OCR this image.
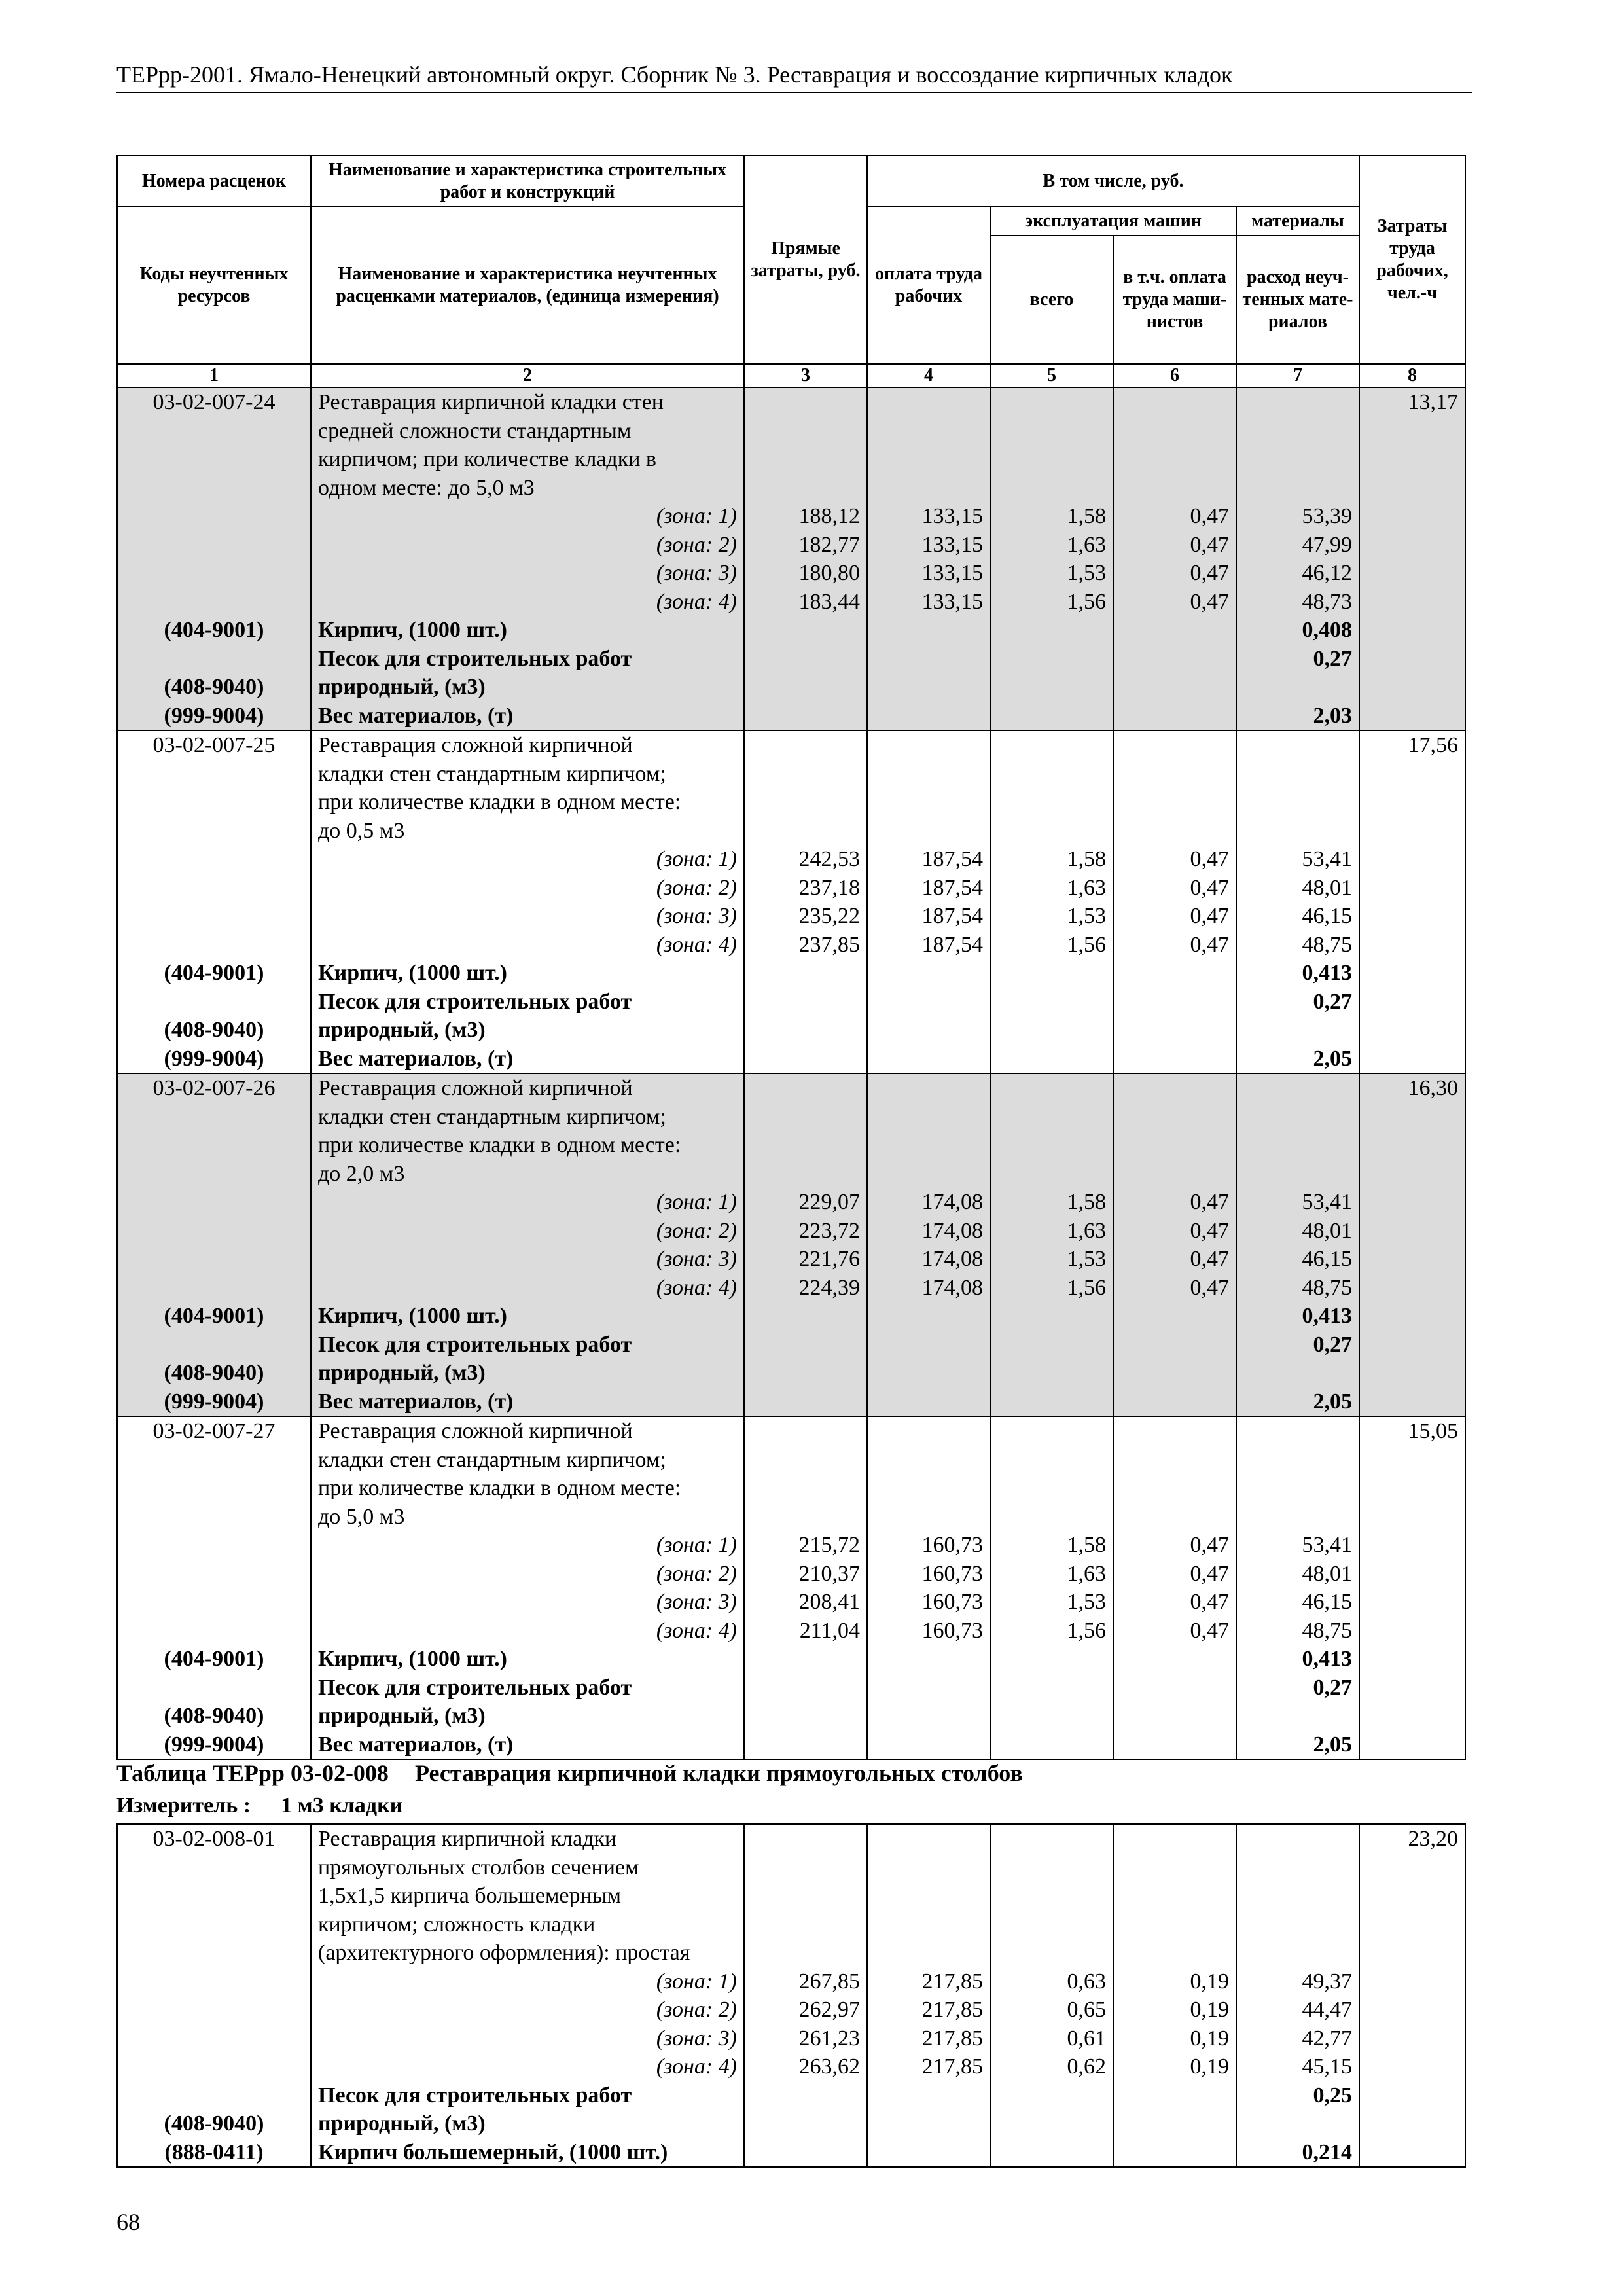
ТЕРрр-2001. Ямало-Ненецкий автономный округ. Сборник № 3. Реставрация и воссоздание кирпичных кладок
Номера расценок	Наименование и характеристика строительных работ и конструкций	Прямые затраты, руб.	В том числе, руб.				Затраты труда рабочих, чел.-ч
Коды неучтенных ресурсов	Наименование и характеристика неучтенных расценками материалов, (единица измерения)		оплата труда рабочих	эксплуатация машин		материалы	
				всего	в т.ч. оплата труда маши-нистов	расход неуч-тенных мате-риалов	
1	2	3	4	5	6	7	8
03-02-007-24	Реставрация кирпичной кладки стен						13,17
	средней сложности стандартным						
	кирпичом; при количестве кладки в						
	одном месте: до 5,0 м3						
	(зона: 1)	188,12	133,15	1,58	0,47	53,39	
	(зона: 2)	182,77	133,15	1,63	0,47	47,99	
	(зона: 3)	180,80	133,15	1,53	0,47	46,12	
	(зона: 4)	183,44	133,15	1,56	0,47	48,73	
(404-9001)	Кирпич, (1000 шт.)					0,408	
	Песок для строительных работ					0,27	
(408-9040)	природный, (м3)						
(999-9004)	Вес материалов, (т)					2,03	
03-02-007-25	Реставрация сложной кирпичной						17,56
	кладки стен стандартным кирпичом;						
	при количестве кладки в одном месте:						
	до 0,5 м3						
	(зона: 1)	242,53	187,54	1,58	0,47	53,41	
	(зона: 2)	237,18	187,54	1,63	0,47	48,01	
	(зона: 3)	235,22	187,54	1,53	0,47	46,15	
	(зона: 4)	237,85	187,54	1,56	0,47	48,75	
(404-9001)	Кирпич, (1000 шт.)					0,413	
	Песок для строительных работ					0,27	
(408-9040)	природный, (м3)						
(999-9004)	Вес материалов, (т)					2,05	
03-02-007-26	Реставрация сложной кирпичной						16,30
	кладки стен стандартным кирпичом;						
	при количестве кладки в одном месте:						
	до 2,0 м3						
	(зона: 1)	229,07	174,08	1,58	0,47	53,41	
	(зона: 2)	223,72	174,08	1,63	0,47	48,01	
	(зона: 3)	221,76	174,08	1,53	0,47	46,15	
	(зона: 4)	224,39	174,08	1,56	0,47	48,75	
(404-9001)	Кирпич, (1000 шт.)					0,413	
	Песок для строительных работ					0,27	
(408-9040)	природный, (м3)						
(999-9004)	Вес материалов, (т)					2,05	
03-02-007-27	Реставрация сложной кирпичной						15,05
	кладки стен стандартным кирпичом;						
	при количестве кладки в одном месте:						
	до 5,0 м3						
	(зона: 1)	215,72	160,73	1,58	0,47	53,41	
	(зона: 2)	210,37	160,73	1,63	0,47	48,01	
	(зона: 3)	208,41	160,73	1,53	0,47	46,15	
	(зона: 4)	211,04	160,73	1,56	0,47	48,75	
(404-9001)	Кирпич, (1000 шт.)					0,413	
	Песок для строительных работ					0,27	
(408-9040)	природный, (м3)						
(999-9004)	Вес материалов, (т)					2,05	
Таблица ТЕРрр 03-02-008 Реставрация кирпичной кладки прямоугольных столбов
Измеритель : 1 м3 кладки
03-02-008-01	Реставрация кирпичной кладки						23,20
	прямоугольных столбов сечением						
	1,5х1,5 кирпича большемерным						
	кирпичом; сложность кладки						
	(архитектурного оформления): простая						
	(зона: 1)	267,85	217,85	0,63	0,19	49,37	
	(зона: 2)	262,97	217,85	0,65	0,19	44,47	
	(зона: 3)	261,23	217,85	0,61	0,19	42,77	
	(зона: 4)	263,62	217,85	0,62	0,19	45,15	
	Песок для строительных работ					0,25	
(408-9040)	природный, (м3)						
(888-0411)	Кирпич большемерный, (1000 шт.)					0,214	
68
